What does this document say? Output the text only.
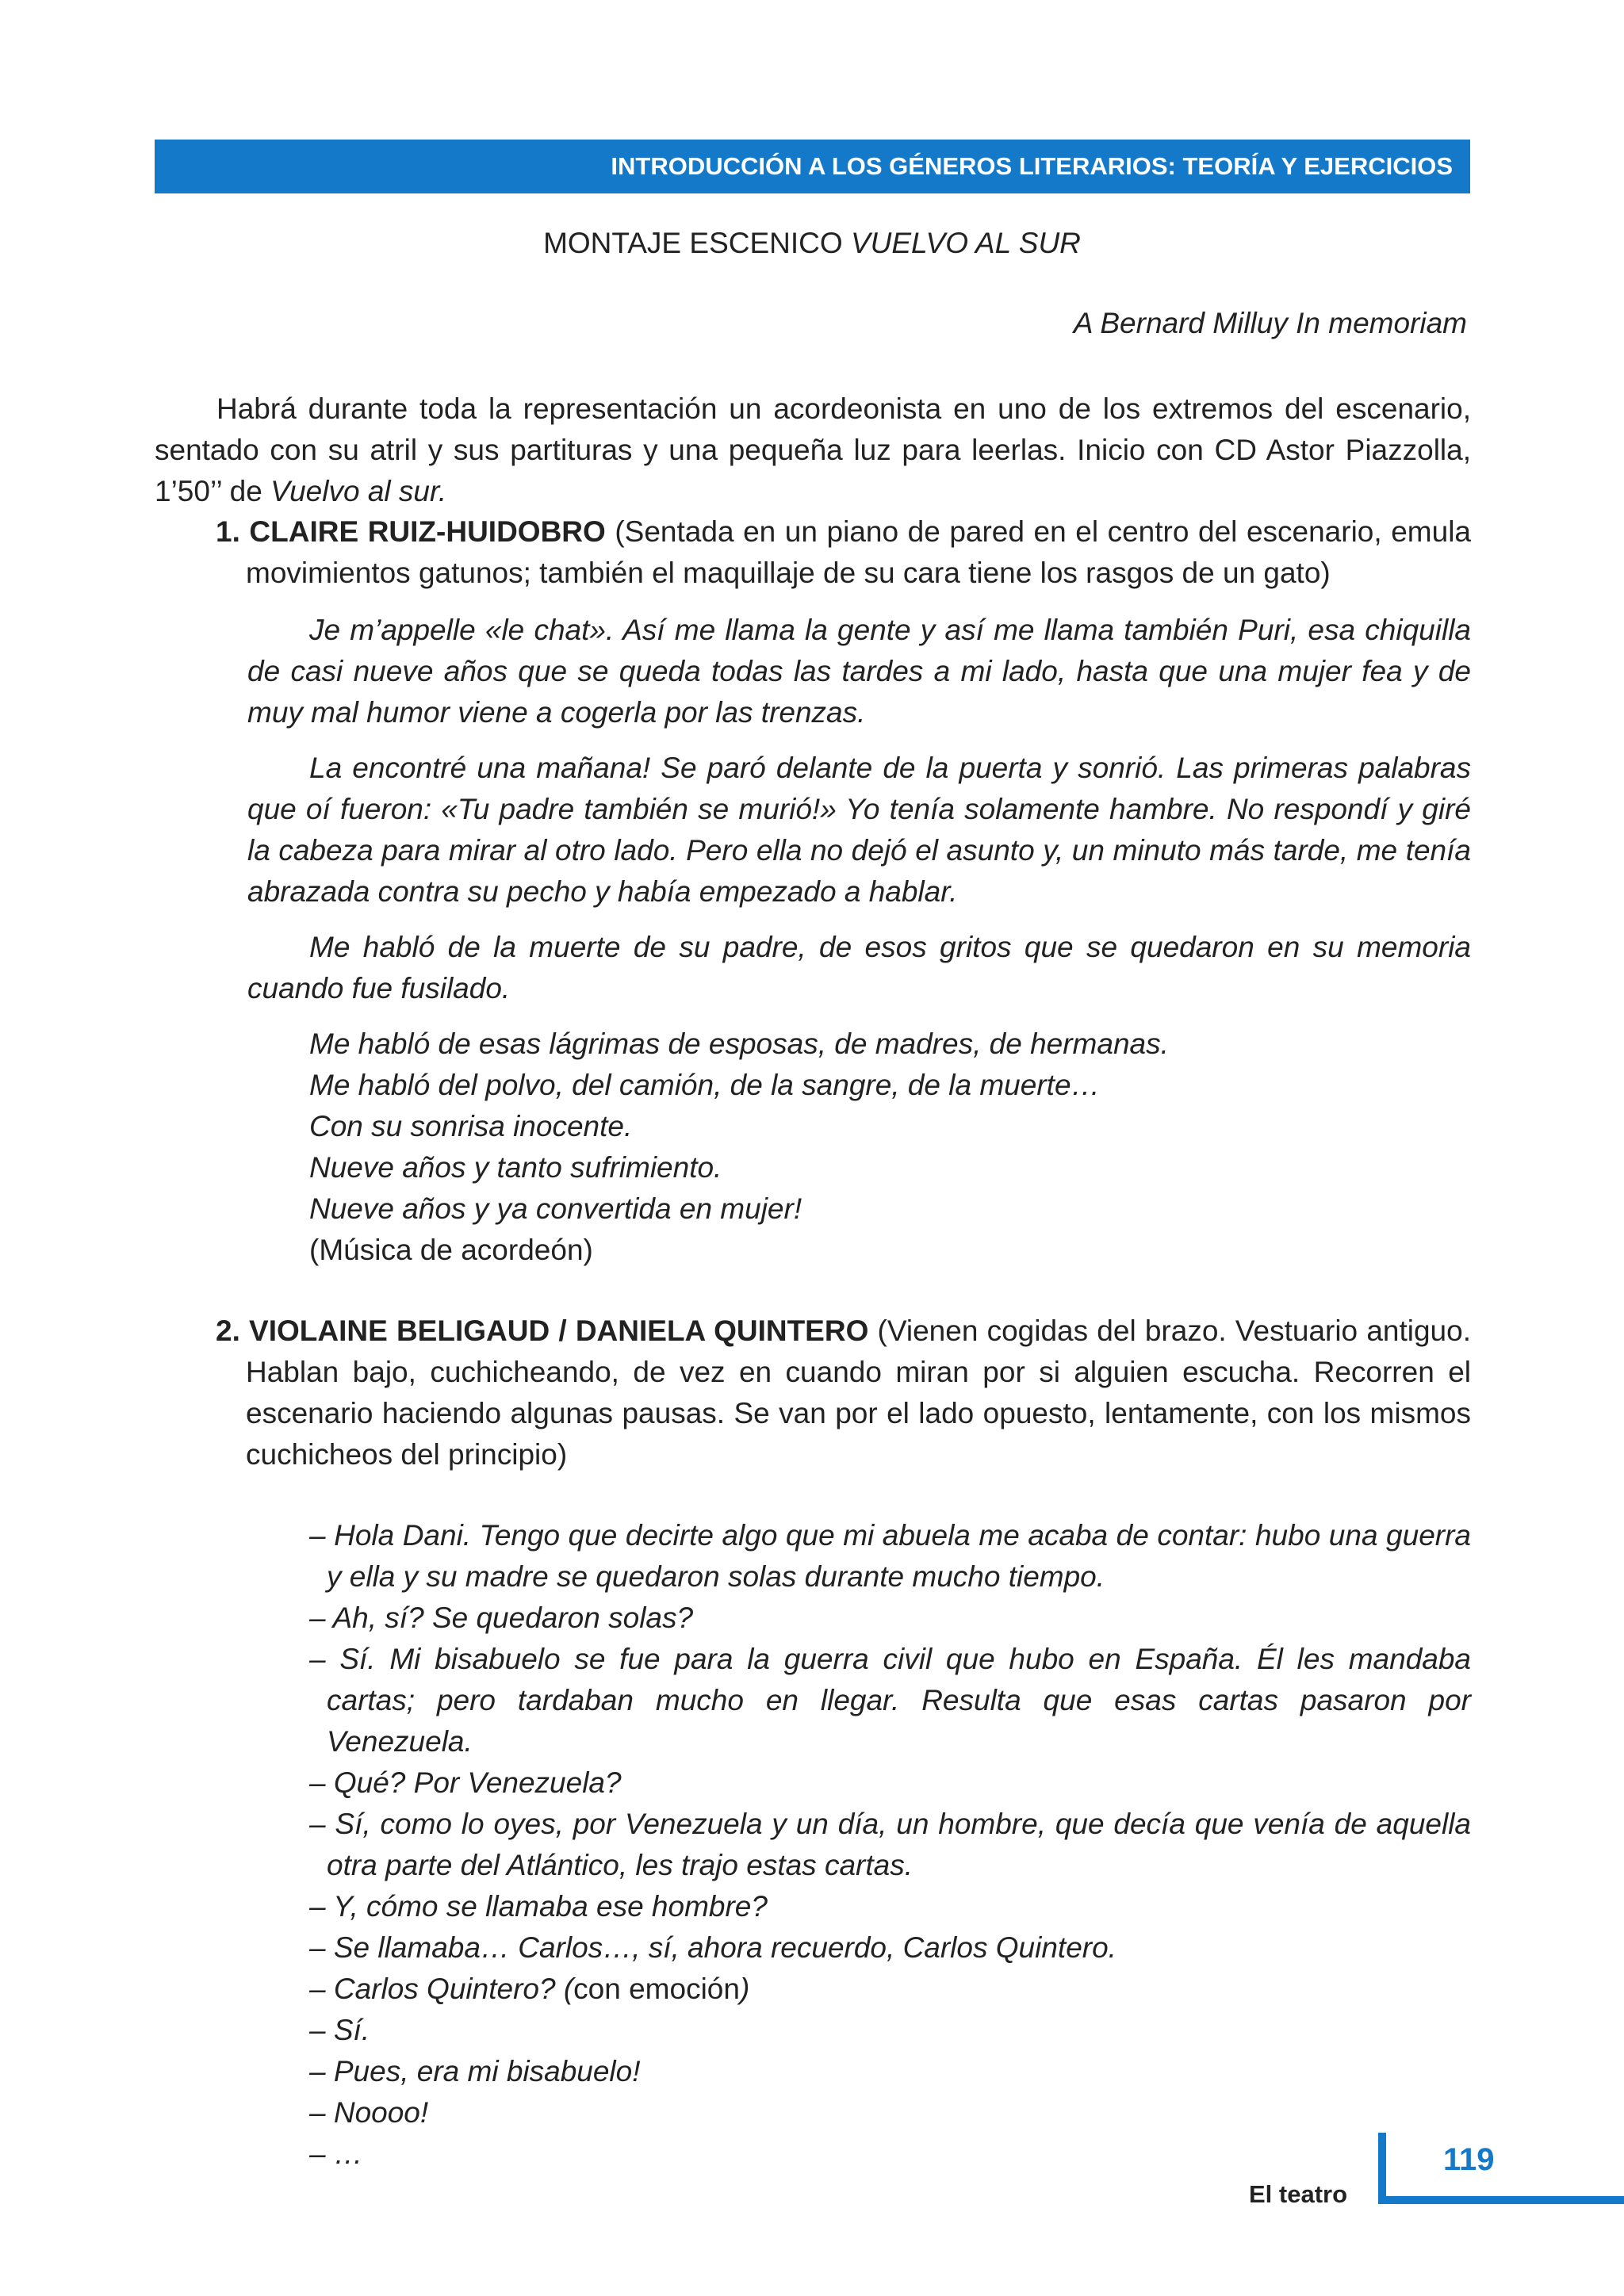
INTRODUCCIÓN A LOS GÉNEROS LITERARIOS: TEORÍA Y EJERCICIOS
MONTAJE ESCENICO VUELVO AL SUR
A Bernard Milluy In memoriam
Habrá durante toda la representación un acordeonista en uno de los extremos del escenario, sentado con su atril y sus partituras y una pequeña luz para leerlas. Inicio con CD Astor Piazzolla, 1’50’’ de Vuelvo al sur.
1. CLAIRE RUIZ-HUIDOBRO (Sentada en un piano de pared en el centro del escenario, emula movimientos gatunos; también el maquillaje de su cara tiene los rasgos de un gato)

Je m’appelle «le chat». Así me llama la gente y así me llama también Puri, esa chiquilla de casi nueve años que se queda todas las tardes a mi lado, hasta que una mujer fea y de muy mal humor viene a cogerla por las trenzas.

La encontré una mañana! Se paró delante de la puerta y sonrió. Las primeras palabras que oí fueron: «Tu padre también se murió!» Yo tenía solamente hambre. No respondí y giré la cabeza para mirar al otro lado. Pero ella no dejó el asunto y, un minuto más tarde, me tenía abrazada contra su pecho y había empezado a hablar.

Me habló de la muerte de su padre, de esos gritos que se quedaron en su memoria cuando fue fusilado.

Me habló de esas lágrimas de esposas, de madres, de hermanas.
Me habló del polvo, del camión, de la sangre, de la muerte…
Con su sonrisa inocente.
Nueve años y tanto sufrimiento.
Nueve años y ya convertida en mujer!
(Música de acordeón)
2. VIOLAINE BELIGAUD / DANIELA QUINTERO (Vienen cogidas del brazo. Vestuario antiguo. Hablan bajo, cuchicheando, de vez en cuando miran por si alguien escucha. Recorren el escenario haciendo algunas pausas. Se van por el lado opuesto, lentamente, con los mismos cuchicheos del principio)
– Hola Dani. Tengo que decirte algo que mi abuela me acaba de contar: hubo una guerra y ella y su madre se quedaron solas durante mucho tiempo.
– Ah, sí? Se quedaron solas?
– Sí. Mi bisabuelo se fue para la guerra civil que hubo en España. Él les mandaba cartas; pero tardaban mucho en llegar. Resulta que esas cartas pasaron por Venezuela.
– Qué? Por Venezuela?
– Sí, como lo oyes, por Venezuela y un día, un hombre, que decía que venía de aquella otra parte del Atlántico, les trajo estas cartas.
– Y, cómo se llamaba ese hombre?
– Se llamaba… Carlos…, sí, ahora recuerdo, Carlos Quintero.
– Carlos Quintero? (con emoción)
– Sí.
– Pues, era mi bisabuelo!
– Noooo!
– …	119
El teatro
